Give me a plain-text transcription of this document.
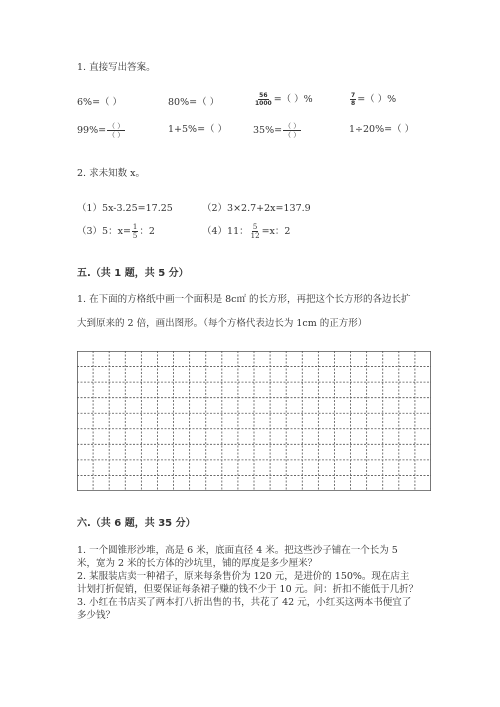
1. 直接写出答案。
6%=（ ）	80%=（ ）	$\frac{56}{1000}$ =（ ）%	$\frac{7}{8}$ =（ ）%
$99\%= \frac{( )}{( )}$	1+5%=（ ）	$35\%= \frac{( )}{( )}$	1÷20%=（ ）
2. 求未知数 x。
（1）5x-3.25=17.25	（2）3×2.7+2x=137.9
（3）5：$x= \frac{1}{5}$ ：2	（4）11： $\frac{5}{12} =x$：2
五.（共 1 题，共 5 分）
1. 在下面的方格纸中画一个面积是 8c㎡ 的长方形，再把这个长方形的各边长扩
大到原来的 2 倍，画出图形。（每个方格代表边长为 1cm 的正方形）
六.（共 6 题，共 35 分）
1. 一个圆锥形沙堆，高是 6 米，底面直径 4 米。把这些沙子铺在一个长为 5
米，宽为 2 米的长方体的沙坑里，铺的厚度是多少厘米？
2. 某服装店卖一种裙子，原来每条售价为 120 元，是进价的 150%。现在店主
计划打折促销，但要保证每条裙子赚的钱不少于 10 元。问：折扣不能低于几折？
3. 小红在书店买了两本打八折出售的书，共花了 42 元，小红买这两本书便宜了
多少钱？
